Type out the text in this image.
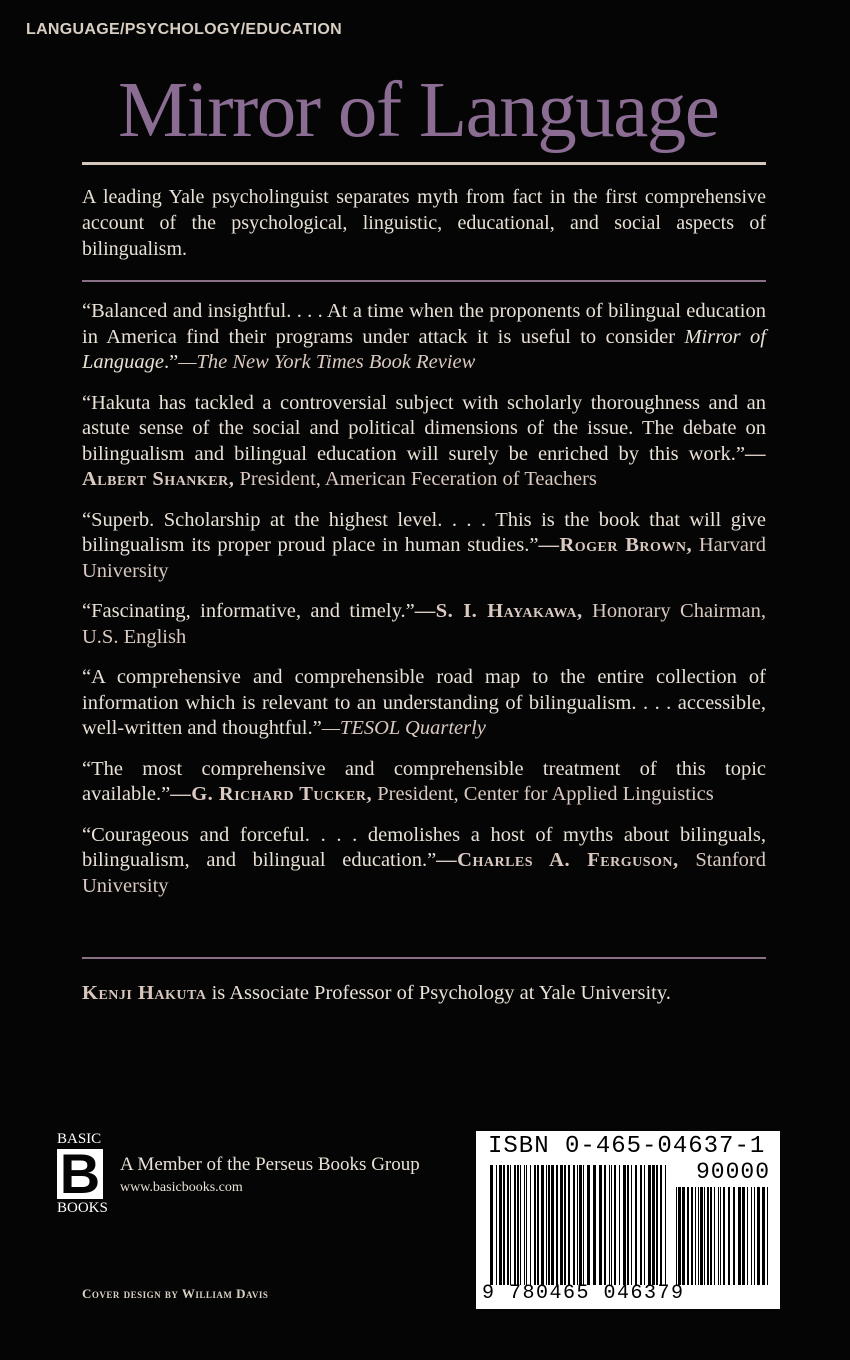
LANGUAGE/PSYCHOLOGY/EDUCATION
Mirror of Language
A leading Yale psycholinguist separates myth from fact in the first comprehensive account of the psychological, linguistic, educational, and social aspects of bilingualism.

“Balanced and insightful. . . . At a time when the proponents of bilingual education in America find their programs under attack it is useful to consider Mirror of Language.”—The New York Times Book Review

“Hakuta has tackled a controversial subject with scholarly thoroughness and an astute sense of the social and political dimensions of the issue. The debate on bilingualism and bilingual education will surely be enriched by this work.”—Albert Shanker, President, American Feceration of Teachers

“Superb. Scholarship at the highest level. . . . This is the book that will give bilingualism its proper proud place in human studies.”—Roger Brown, Harvard University

“Fascinating, informative, and timely.”—S. I. Hayakawa, Honorary Chairman, U.S. English

“A comprehensive and comprehensible road map to the entire collection of information which is relevant to an understanding of bilingualism. . . . accessible, well-written and thoughtful.”—TESOL Quarterly

“The most comprehensive and comprehensible treatment of this topic available.”—G. Richard Tucker, President, Center for Applied Linguistics

“Courageous and forceful. . . . demolishes a host of myths about bilinguals, bilingualism, and bilingual education.”—Charles A. Ferguson, Stanford University

Kenji Hakuta is Associate Professor of Psychology at Yale University.
BASIC
B
BOOKS
A Member of the Perseus Books Group
www.basicbooks.com
Cover design by William Davis
ISBN 0-465-04637-1
90000
9 780465 046379
